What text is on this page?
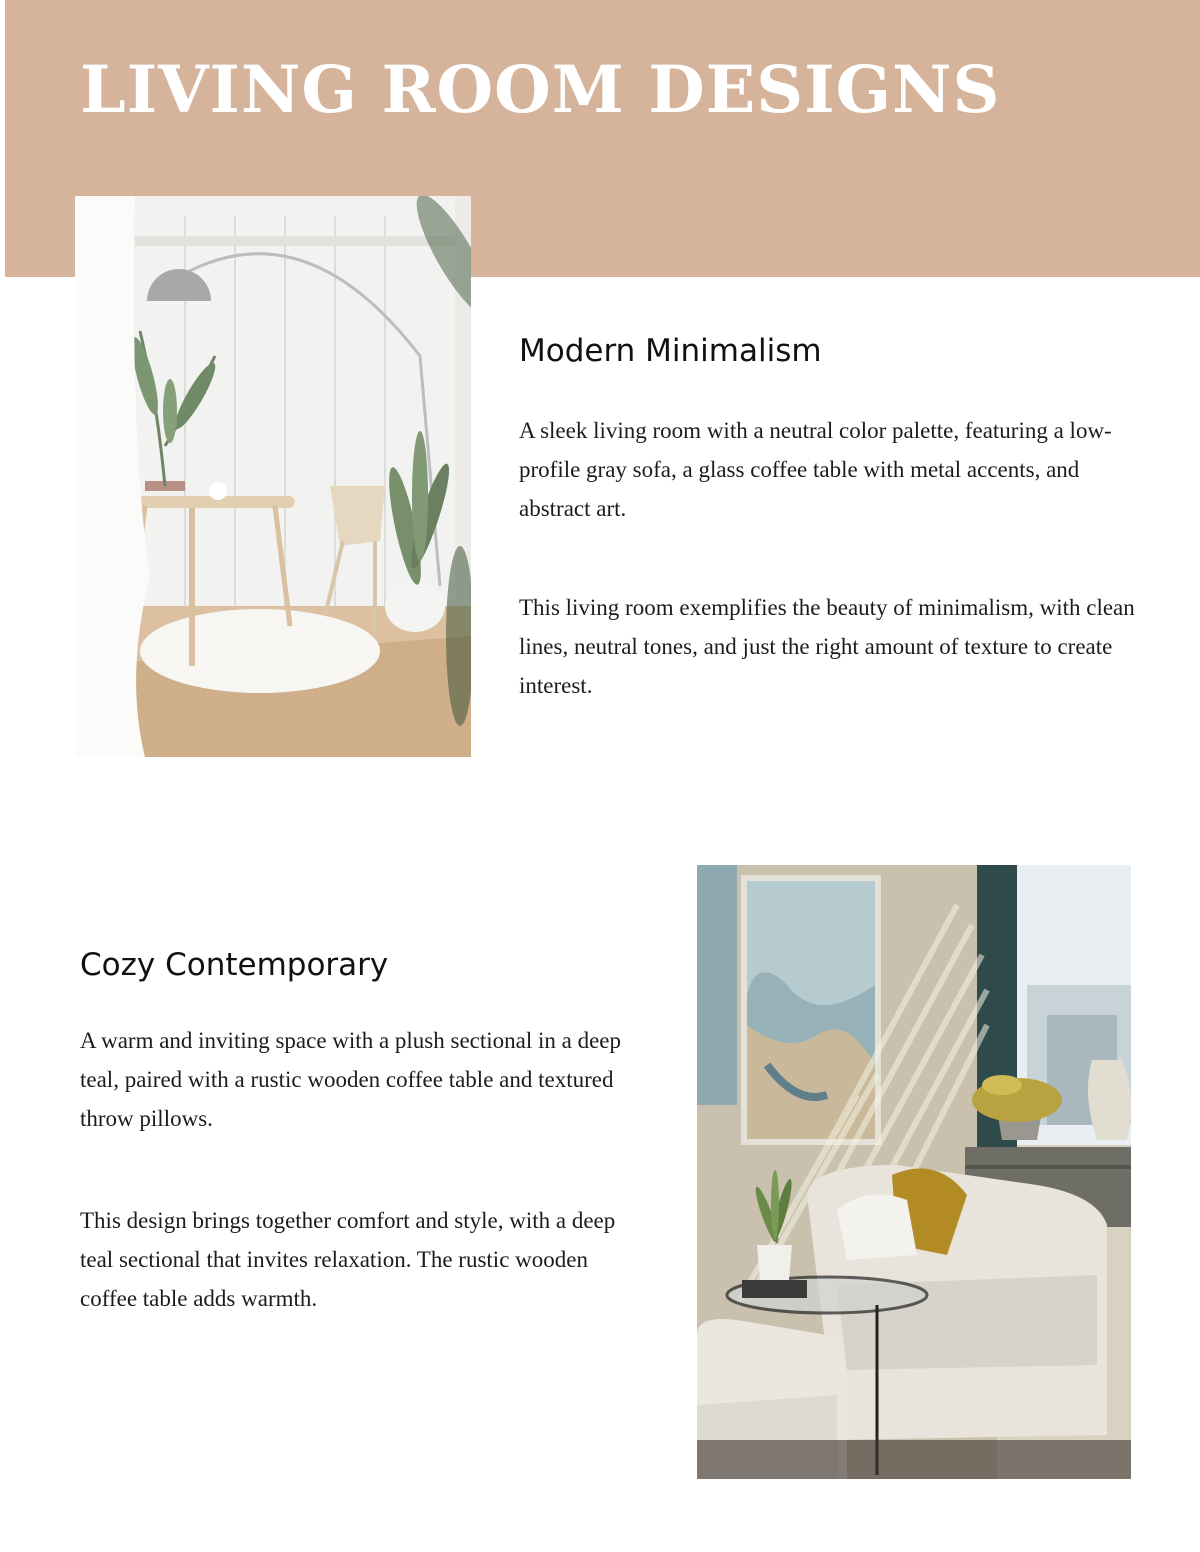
LIVING ROOM DESIGNS
Modern Minimalism

A sleek living room with a neutral color palette, featuring a low-profile gray sofa, a glass coffee table with metal accents, and abstract art.

This living room exemplifies the beauty of minimalism, with clean lines, neutral tones, and just the right amount of texture to create interest.

Cozy Contemporary

A warm and inviting space with a plush sectional in a deep teal, paired with a rustic wooden coffee table and textured throw pillows.

This design brings together comfort and style, with a deep teal sectional that invites relaxation. The rustic wooden coffee table adds warmth.
